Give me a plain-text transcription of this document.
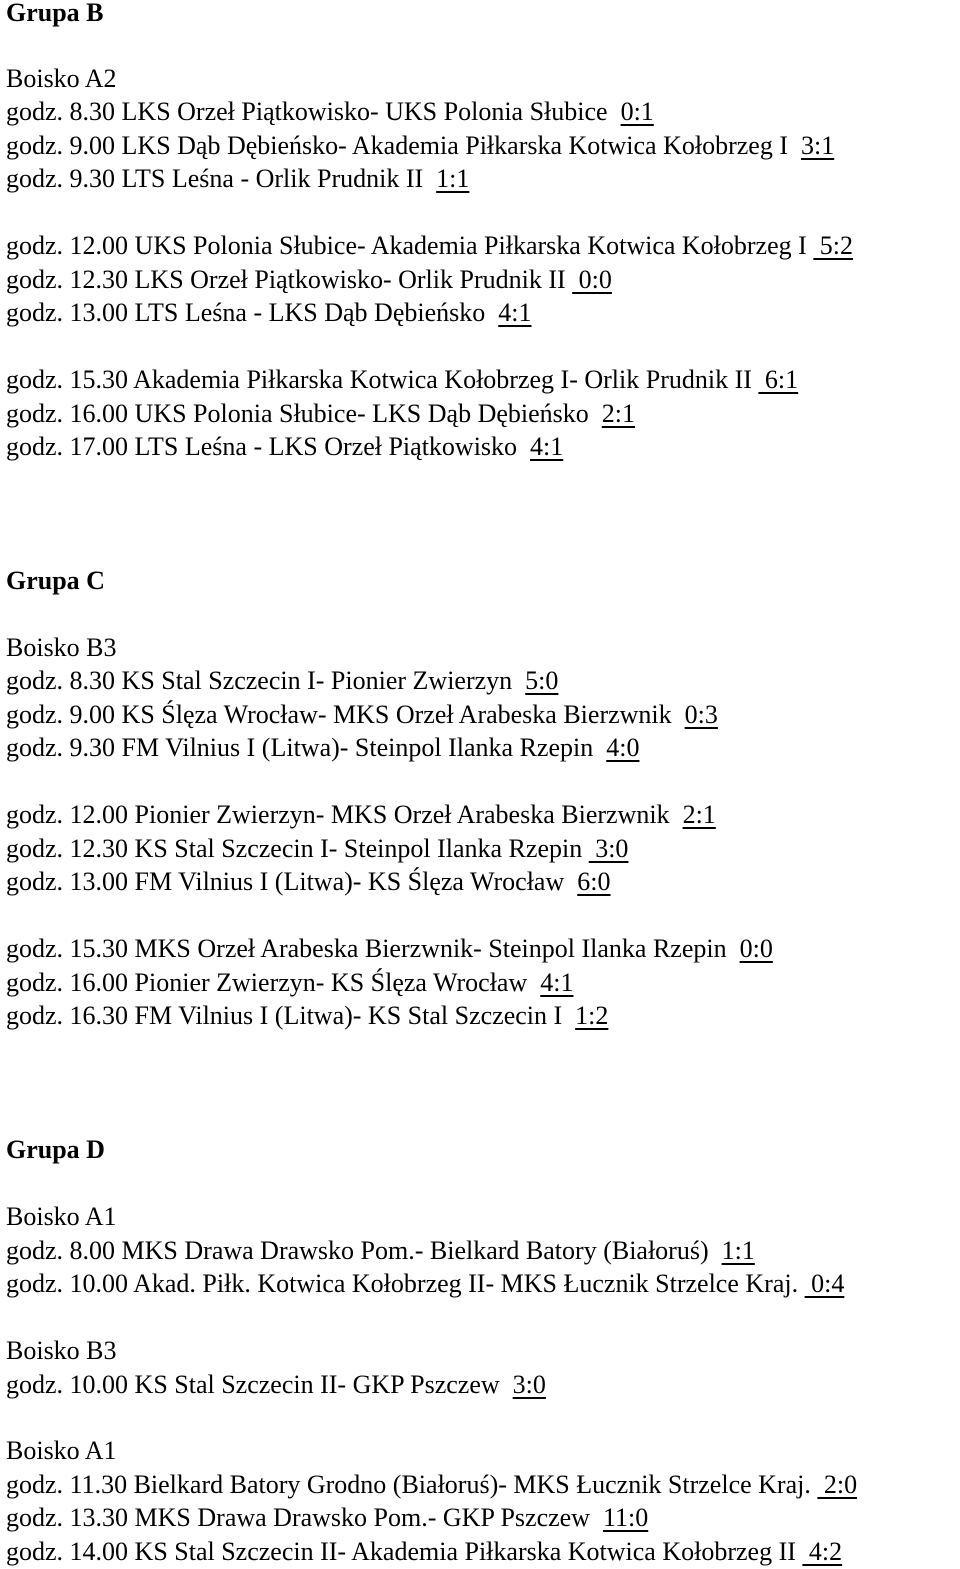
Grupa B
Boisko A2
godz. 8.30 LKS Orzeł Piątkowisko- UKS Polonia Słubice  0:1
godz. 9.00 LKS Dąb Dębieńsko- Akademia Piłkarska Kotwica Kołobrzeg I  3:1
godz. 9.30 LTS Leśna - Orlik Prudnik II  1:1
godz. 12.00 UKS Polonia Słubice- Akademia Piłkarska Kotwica Kołobrzeg I  5:2
godz. 12.30 LKS Orzeł Piątkowisko- Orlik Prudnik II  0:0
godz. 13.00 LTS Leśna - LKS Dąb Dębieńsko  4:1
godz. 15.30 Akademia Piłkarska Kotwica Kołobrzeg I- Orlik Prudnik II  6:1
godz. 16.00 UKS Polonia Słubice- LKS Dąb Dębieńsko  2:1
godz. 17.00 LTS Leśna - LKS Orzeł Piątkowisko  4:1
Grupa C
Boisko B3
godz. 8.30 KS Stal Szczecin I- Pionier Zwierzyn  5:0
godz. 9.00 KS Ślęza Wrocław- MKS Orzeł Arabeska Bierzwnik  0:3
godz. 9.30 FM Vilnius I (Litwa)- Steinpol Ilanka Rzepin  4:0
godz. 12.00 Pionier Zwierzyn- MKS Orzeł Arabeska Bierzwnik  2:1
godz. 12.30 KS Stal Szczecin I- Steinpol Ilanka Rzepin  3:0
godz. 13.00 FM Vilnius I (Litwa)- KS Ślęza Wrocław  6:0
godz. 15.30 MKS Orzeł Arabeska Bierzwnik- Steinpol Ilanka Rzepin  0:0
godz. 16.00 Pionier Zwierzyn- KS Ślęza Wrocław  4:1
godz. 16.30 FM Vilnius I (Litwa)- KS Stal Szczecin I  1:2
Grupa D
Boisko A1
godz. 8.00 MKS Drawa Drawsko Pom.- Bielkard Batory (Białoruś)  1:1
godz. 10.00 Akad. Piłk. Kotwica Kołobrzeg II- MKS Łucznik Strzelce Kraj.  0:4
Boisko B3
godz. 10.00 KS Stal Szczecin II- GKP Pszczew  3:0
Boisko A1
godz. 11.30 Bielkard Batory Grodno (Białoruś)- MKS Łucznik Strzelce Kraj.  2:0
godz. 13.30 MKS Drawa Drawsko Pom.- GKP Pszczew  11:0
godz. 14.00 KS Stal Szczecin II- Akademia Piłkarska Kotwica Kołobrzeg II  4:2
